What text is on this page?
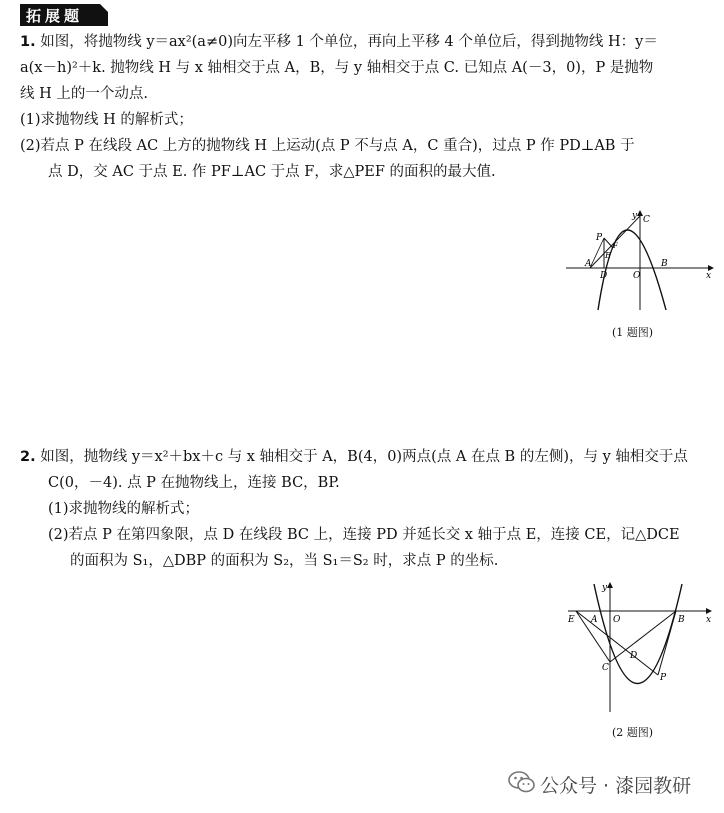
拓展题
1. 如图，将抛物线 y＝ax²(a≠0)向左平移 1 个单位，再向上平移 4 个单位后，得到抛物线 H：y＝
a(x－h)²＋k. 抛物线 H 与 x 轴相交于点 A，B，与 y 轴相交于点 C. 已知点 A(－3，0)，P 是抛物
线 H 上的一个动点.
(1)求抛物线 H 的解析式；
(2)若点 P 在线段 AC 上方的抛物线 H 上运动(点 P 不与点 A，C 重合)，过点 P 作 PD⊥AB 于
点 D，交 AC 于点 E. 作 PF⊥AC 于点 F，求△PEF 的面积的最大值.
y
x
C
P
F
E
A
D	O
B
(1 题图)
2. 如图，抛物线 y＝x²＋bx＋c 与 x 轴相交于 A，B(4，0)两点(点 A 在点 B 的左侧)，与 y 轴相交于点
C(0，－4). 点 P 在抛物线上，连接 BC，BP.
(1)求抛物线的解析式；
(2)若点 P 在第四象限，点 D 在线段 BC 上，连接 PD 并延长交 x 轴于点 E，连接 CE，记△DCE
的面积为 S₁，△DBP 的面积为 S₂，当 S₁＝S₂ 时，求点 P 的坐标.
y
x
E A O	B
C
D
P
(2 题图)
公众号 · 漆园教研
